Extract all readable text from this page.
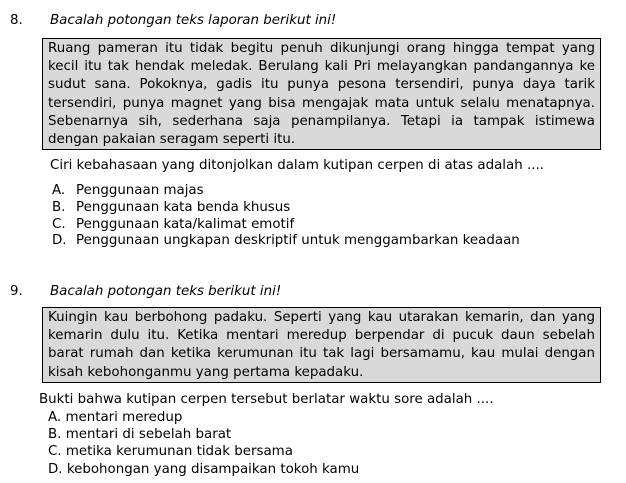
8. Bacalah potongan teks laporan berikut ini!
Ruang pameran itu tidak begitu penuh dikunjungi orang hingga tempat yang kecil itu tak hendak meledak. Berulang kali Pri melayangkan pandangannya ke sudut sana. Pokoknya, gadis itu punya pesona tersendiri, punya daya tarik tersendiri, punya magnet yang bisa mengajak mata untuk selalu menatapnya. Sebenarnya sih, sederhana saja penampilanya. Tetapi ia tampak istimewa dengan pakaian seragam seperti itu.
Ciri kebahasaan yang ditonjolkan dalam kutipan cerpen di atas adalah ....
A. Penggunaan majas
B. Penggunaan kata benda khusus
C. Penggunaan kata/kalimat emotif
D. Penggunaan ungkapan deskriptif untuk menggambarkan keadaan
9. Bacalah potongan teks berikut ini!
Kuingin kau berbohong padaku. Seperti yang kau utarakan kemarin, dan yang kemarin dulu itu. Ketika mentari meredup berpendar di pucuk daun sebelah barat rumah dan ketika kerumunan itu tak lagi bersamamu, kau mulai dengan kisah kebohonganmu yang pertama kepadaku.
Bukti bahwa kutipan cerpen tersebut berlatar waktu sore adalah ....
A. mentari meredup
B. mentari di sebelah barat
C. metika kerumunan tidak bersama
D. kebohongan yang disampaikan tokoh kamu
